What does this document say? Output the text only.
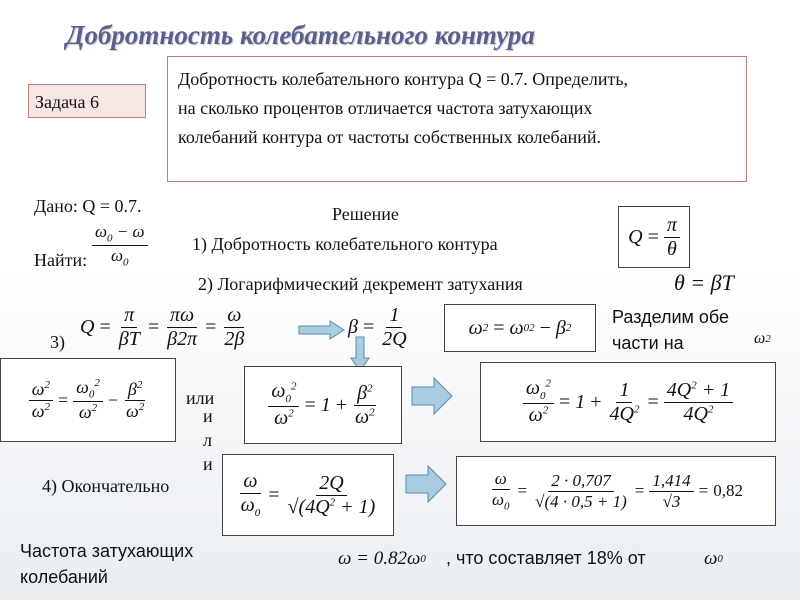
Добротность колебательного контура
Задача 6
Добротность колебательного контура Q = 0.7. Определить,
на сколько процентов отличается частота затухающих
колебаний контура от частоты собственных колебаний.
Дано: Q = 0.7.
Найти: $\frac{\omega_0 - \omega}{\omega_0}$
Решение
1) Добротность колебательного контура
2) Логарифмический декремент затухания
$Q = \frac{\pi}{\theta}$
θ = βT
3)
$Q = \frac{\pi}{\beta T} = \frac{\pi\omega}{\beta 2\pi} = \frac{\omega}{2\beta}$	$\beta = \frac{1}{2Q}$	ω 2 = ω 0 2 − β 2
Разделим обе части на	ω 2
$\frac{\omega^2}{\omega^2} = \frac{\omega_0^2}{\omega^2} - \frac{\beta^2}{\omega^2}$ или
и
л
и
$\frac{\omega_0^2}{\omega^2} = 1 + \frac{\beta^2}{\omega^2}$	$\frac{\omega_0^2}{\omega^2} = 1 + \frac{1}{4Q^2} = \frac{4Q^2 + 1}{4Q^2}$
4) Окончательно	$\frac{\omega}{\omega_0} = \frac{2Q}{√(4Q^2 + 1)}$	$\frac{\omega}{\omega_0} = \frac{2 \cdot 0,707}{√(4 \cdot 0,5 + 1)} = \frac{1,414}{√3} = 0,82$
Частота затухающих колебаний
ω = 0.82ω 0 , что составляет 18% от	ω 0
